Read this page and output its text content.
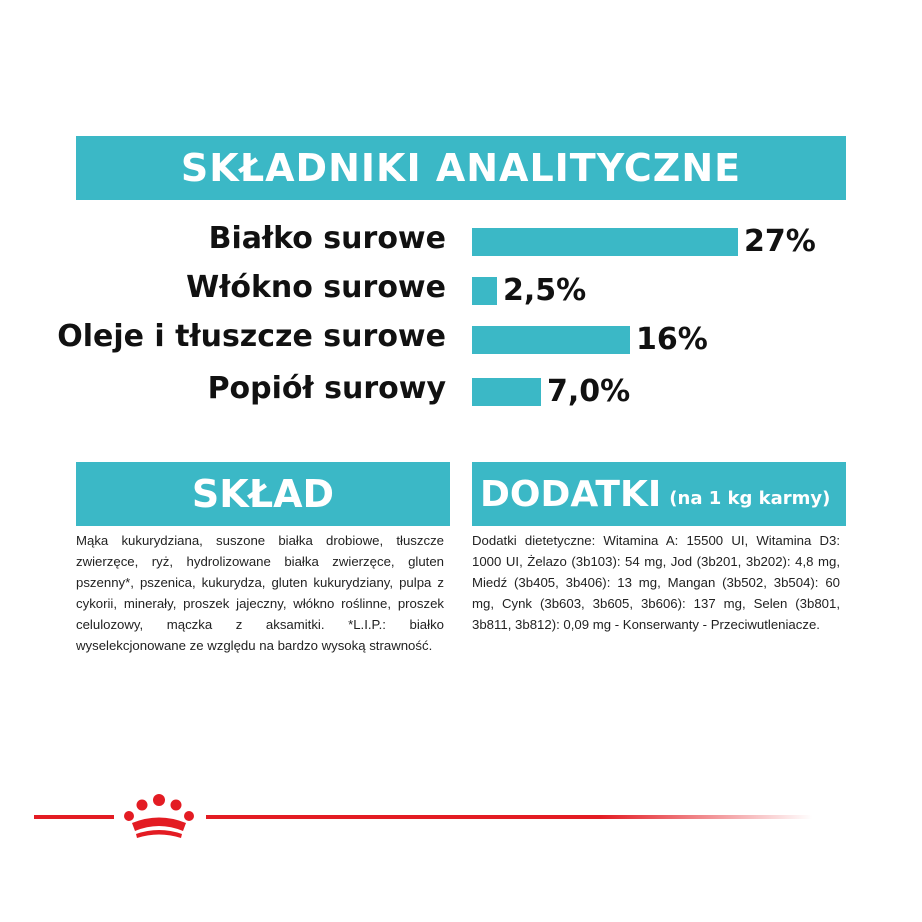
SKŁADNIKI ANALITYCZNE
Białko surowe	27%
Włókno surowe 2,5%
Oleje i tłuszcze surowe	16%
Popiół surowy	7,0%
SKŁAD	DODATKI (na 1 kg karmy)
Mąka kukurydziana, suszone białka drobiowe, tłuszcze zwierzęce, ryż, hydrolizowane białka zwierzęce, gluten pszenny*, pszenica, kukurydza, gluten kukurydziany, pulpa z cykorii, minerały, proszek jajeczny, włókno roślinne, proszek celulozowy, mączka z aksamitki. *L.I.P.: białko wyselekcjonowane ze względu na bardzo wysoką strawność.
Dodatki dietetyczne: Witamina A: 15500 UI, Witamina D3: 1000 UI, Żelazo (3b103): 54 mg, Jod (3b201, 3b202): 4,8 mg, Miedź (3b405, 3b406): 13 mg, Mangan (3b502, 3b504): 60 mg, Cynk (3b603, 3b605, 3b606): 137 mg, Selen (3b801, 3b811, 3b812): 0,09 mg - Konserwanty - Przeciwutleniacze.
